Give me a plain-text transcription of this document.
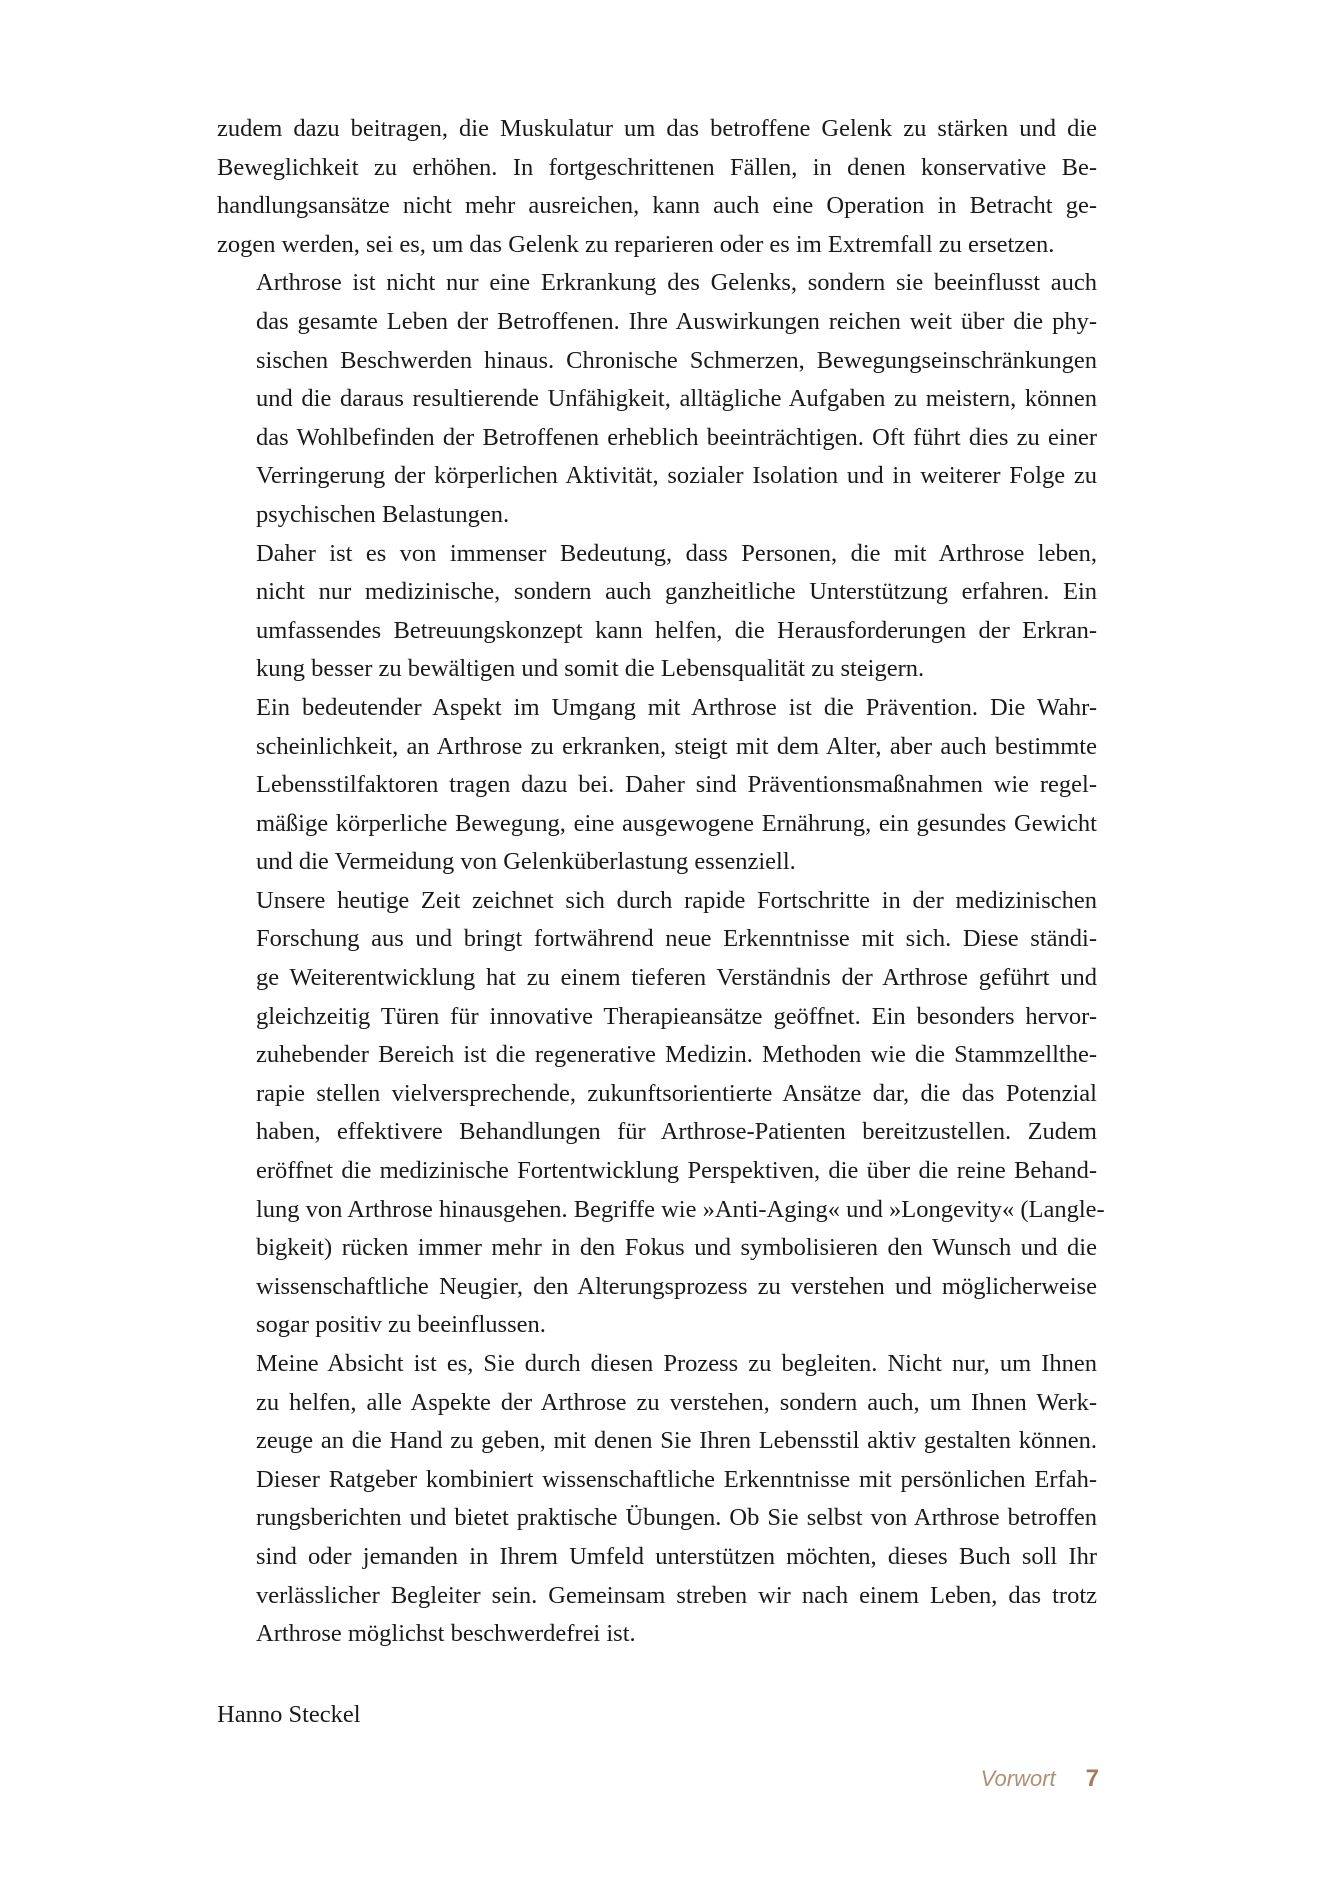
zudem dazu beitragen, die Muskulatur um das betroffene Gelenk zu stärken und die
Beweglichkeit zu erhöhen. In fortgeschrittenen Fällen, in denen konservative Be-
handlungsansätze nicht mehr ausreichen, kann auch eine Operation in Betracht ge-
zogen werden, sei es, um das Gelenk zu reparieren oder es im Extremfall zu ersetzen.

Arthrose ist nicht nur eine Erkrankung des Gelenks, sondern sie beeinflusst auch
das gesamte Leben der Betroffenen. Ihre Auswirkungen reichen weit über die phy-
sischen Beschwerden hinaus. Chronische Schmerzen, Bewegungseinschränkungen
und die daraus resultierende Unfähigkeit, alltägliche Aufgaben zu meistern, können
das Wohlbefinden der Betroffenen erheblich beeinträchtigen. Oft führt dies zu einer
Verringerung der körperlichen Aktivität, sozialer Isolation und in weiterer Folge zu
psychischen Belastungen.

Daher ist es von immenser Bedeutung, dass Personen, die mit Arthrose leben,
nicht nur medizinische, sondern auch ganzheitliche Unterstützung erfahren. Ein
umfassendes Betreuungskonzept kann helfen, die Herausforderungen der Erkran-
kung besser zu bewältigen und somit die Lebensqualität zu steigern.

Ein bedeutender Aspekt im Umgang mit Arthrose ist die Prävention. Die Wahr-
scheinlichkeit, an Arthrose zu erkranken, steigt mit dem Alter, aber auch bestimmte
Lebensstilfaktoren tragen dazu bei. Daher sind Präventionsmaßnahmen wie regel-
mäßige körperliche Bewegung, eine ausgewogene Ernährung, ein gesundes Gewicht
und die Vermeidung von Gelenküberlastung essenziell.

Unsere heutige Zeit zeichnet sich durch rapide Fortschritte in der medizinischen
Forschung aus und bringt fortwährend neue Erkenntnisse mit sich. Diese ständi-
ge Weiterentwicklung hat zu einem tieferen Verständnis der Arthrose geführt und
gleichzeitig Türen für innovative Therapieansätze geöffnet. Ein besonders hervor-
zuhebender Bereich ist die regenerative Medizin. Methoden wie die Stammzellthe-
rapie stellen vielversprechende, zukunftsorientierte Ansätze dar, die das Potenzial
haben, effektivere Behandlungen für Arthrose-Patienten bereitzustellen. Zudem
eröffnet die medizinische Fortentwicklung Perspektiven, die über die reine Behand-
lung von Arthrose hinausgehen. Begriffe wie »Anti-Aging« und »Longevity« (Langle-
bigkeit) rücken immer mehr in den Fokus und symbolisieren den Wunsch und die
wissenschaftliche Neugier, den Alterungsprozess zu verstehen und möglicherweise
sogar positiv zu beeinflussen.

Meine Absicht ist es, Sie durch diesen Prozess zu begleiten. Nicht nur, um Ihnen
zu helfen, alle Aspekte der Arthrose zu verstehen, sondern auch, um Ihnen Werk-
zeuge an die Hand zu geben, mit denen Sie Ihren Lebensstil aktiv gestalten können.
Dieser Ratgeber kombiniert wissenschaftliche Erkenntnisse mit persönlichen Erfah-
rungsberichten und bietet praktische Übungen. Ob Sie selbst von Arthrose betroffen
sind oder jemanden in Ihrem Umfeld unterstützen möchten, dieses Buch soll Ihr
verlässlicher Begleiter sein. Gemeinsam streben wir nach einem Leben, das trotz
Arthrose möglichst beschwerdefrei ist.

Hanno Steckel
Vorwort 7
